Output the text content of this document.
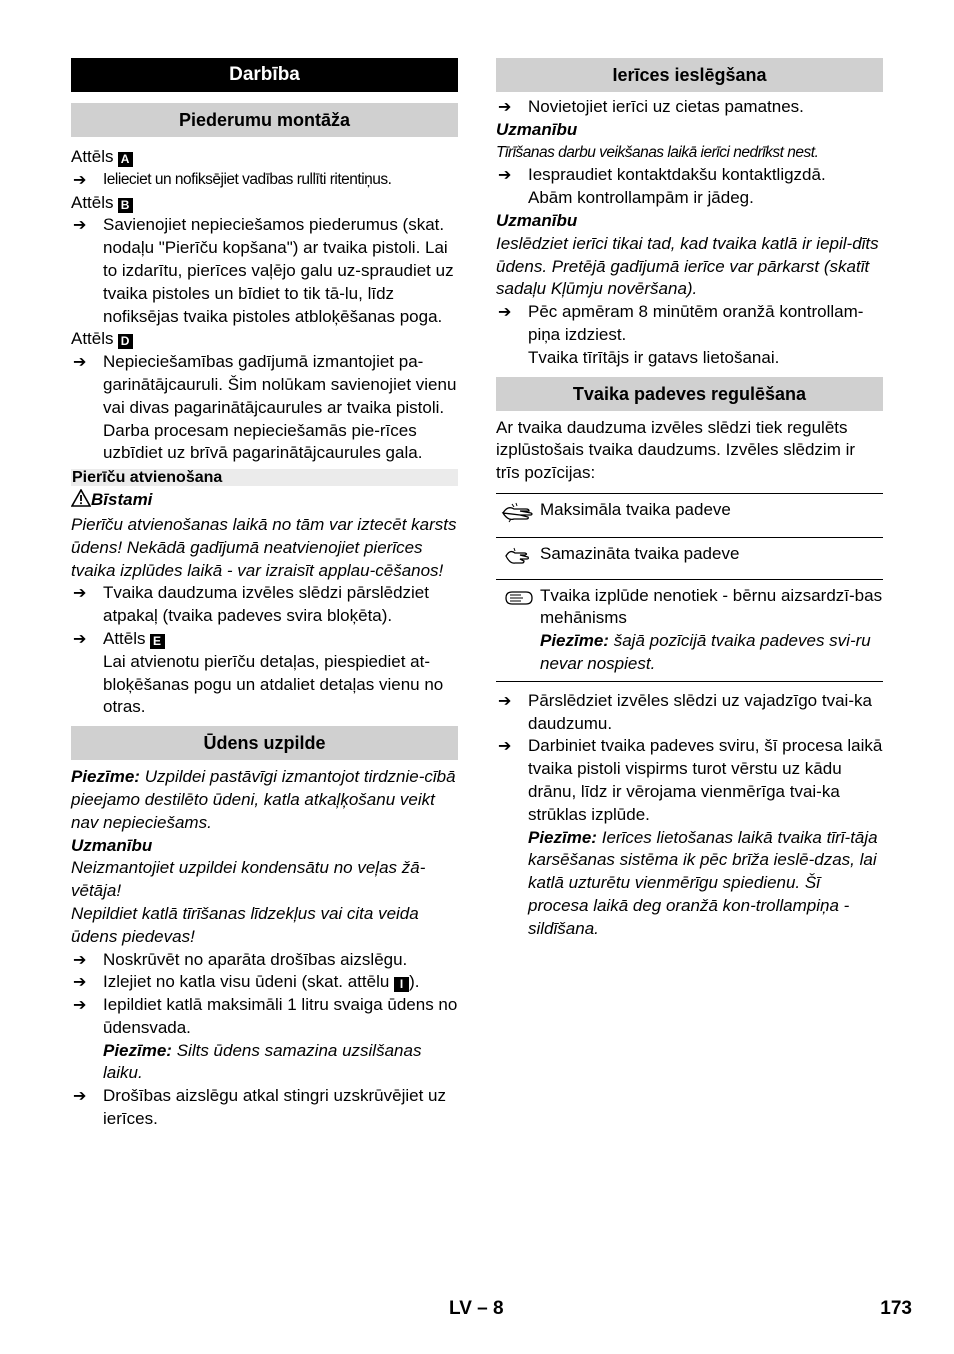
Darbība
Piederumu montāža

Attēls A

➔ Ielieciet un nofiksējiet vadības rullīti ritentiņus.

Attēls B

➔ Savienojiet nepieciešamos piederumus (skat. nodaļu "Pierīču kopšana") ar tvaika pistoli. Lai to izdarītu, pierīces vaļējo galu uz-spraudiet uz tvaika pistoles un bīdiet to tik tā-lu, līdz nofiksējas tvaika pistoles atbloķēšanas poga.

Attēls D

➔ Nepieciešamības gadījumā izmantojiet pa-garinātājcauruli. Šim nolūkam savienojiet vienu vai divas pagarinātājcaurules ar tvaika pistoli. Darba procesam nepieciešamās pie-rīces uzbīdiet uz brīvā pagarinātājcaurules gala.

Pierīču atvienošana

Bīstami

Pierīču atvienošanas laikā no tām var iztecēt karsts ūdens! Nekādā gadījumā neatvienojiet pierīces tvaika izplūdes laikā - var izraisīt applau-cēšanos!

➔ Tvaika daudzuma izvēles slēdzi pārslēdziet atpakaļ (tvaika padeves svira bloķēta).

➔ Attēls E

Lai atvienotu pierīču detaļas, piespiediet at-bloķēšanas pogu un atdaliet detaļas vienu no otras.

Ūdens uzpilde

Piezīme: Uzpildei pastāvīgi izmantojot tirdznie-cībā pieejamo destilēto ūdeni, katla atkaļķošanu veikt nav nepieciešams.

Uzmanību

Neizmantojiet uzpildei kondensātu no veļas žā-vētāja!

Nepildiet katlā tīrīšanas līdzekļus vai cita veida ūdens piedevas!

➔ Noskrūvēt no aparāta drošības aizslēgu.

➔ Izlejiet no katla visu ūdeni (skat. attēlu I ).

➔ Iepildiet katlā maksimāli 1 litru svaiga ūdens no ūdensvada.

Piezīme: Silts ūdens samazina uzsilšanas laiku.

➔ Drošības aizslēgu atkal stingri uzskrūvējiet uz ierīces.

Ierīces ieslēgšana

➔ Novietojiet ierīci uz cietas pamatnes.

Uzmanību

Tīrīšanas darbu veikšanas laikā ierīci nedrīkst nest.

➔ Iespraudiet kontaktdakšu kontaktligzdā.

Abām kontrollampām ir jādeg.

Uzmanību

Ieslēdziet ierīci tikai tad, kad tvaika katlā ir iepil-dīts ūdens. Pretējā gadījumā ierīce var pārkarst (skatīt sadaļu Kļūmju novēršana).

➔ Pēc apmēram 8 minūtēm oranžā kontrollam-piņa izdziest.

Tvaika tīrītājs ir gatavs lietošanai.

Tvaika padeves regulēšana

Ar tvaika daudzuma izvēles slēdzi tiek regulēts izplūstošais tvaika daudzums. Izvēles slēdzim ir trīs pozīcijas:

	Maksimāla tvaika padeve
	Samazināta tvaika padeve

Tvaika izplūde nenotiek - bērnu aizsardzī-bas mehānisms

Piezīme: šajā pozīcijā tvaika padeves svi-ru nevar nospiest.

➔ Pārslēdziet izvēles slēdzi uz vajadzīgo tvai-ka daudzumu.

➔ Darbiniet tvaika padeves sviru, šī procesa laikā tvaika pistoli vispirms turot vērstu uz kādu drānu, līdz ir vērojama vienmērīga tvai-ka strūklas izplūde.

Piezīme: Ierīces lietošanas laikā tvaika tīrī-tāja karsēšanas sistēma ik pēc brīža ieslē-dzas, lai katlā uzturētu vienmērīgu spiedienu. Šī procesa laikā deg oranžā kon-trollampiņa - sildīšana.

LV – 8	173
